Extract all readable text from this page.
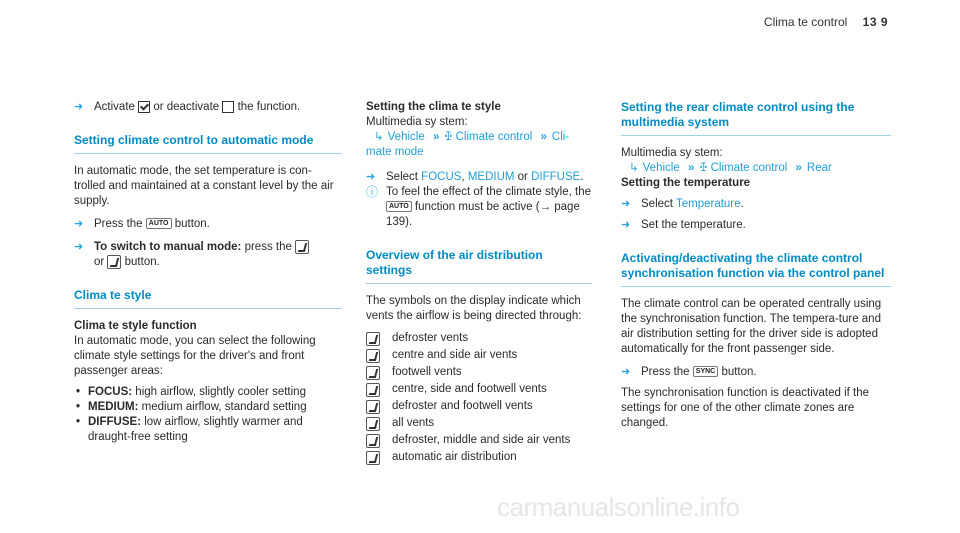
Clima te control 13 9
➜ Activate or deactivate the function.
Setting climate control to automatic mode

In automatic mode, the set temperature is con-trolled and maintained at a constant level by the air supply.

➜ Press the AUTO button.
➜ To switch to manual mode: press the
or button.
Clima te style

Clima te style function

In automatic mode, you can select the following climate style settings for the driver's and front passenger areas:

• FOCUS: high airflow, slightly cooler setting
• MEDIUM: medium airflow, standard setting
• DIFFUSE: low airflow, slightly warmer and draught-free setting

Setting the clima te style

Multimedia sy stem:

↳ Vehicle » ꔀ Climate control » Cli-
mate mode
➜ Select FOCUS, MEDIUM or DIFFUSE.
ⓘ To feel the effect of the climate style, the
AUTO function must be active (→ page 139).
Overview of the air distribution settings

The symbols on the display indicate which vents the airflow is being directed through:

defroster vents
centre and side air vents
footwell vents
centre, side and footwell vents
defroster and footwell vents
all vents
defroster, middle and side air vents
automatic air distribution
Setting the rear climate control using the multimedia system

Multimedia sy stem:

↳ Vehicle » ꔀ Climate control » Rear

Setting the temperature

➜ Select Temperature.
➜ Set the temperature.
Activating/deactivating the climate control synchronisation function via the control panel

The climate control can be operated centrally using the synchronisation function. The tempera-ture and air distribution setting for the driver side is adopted automatically for the front passenger side.

➜ Press the SYNC button.

The synchronisation function is deactivated if the settings for one of the other climate zones are changed.

carmanualsonline.info
